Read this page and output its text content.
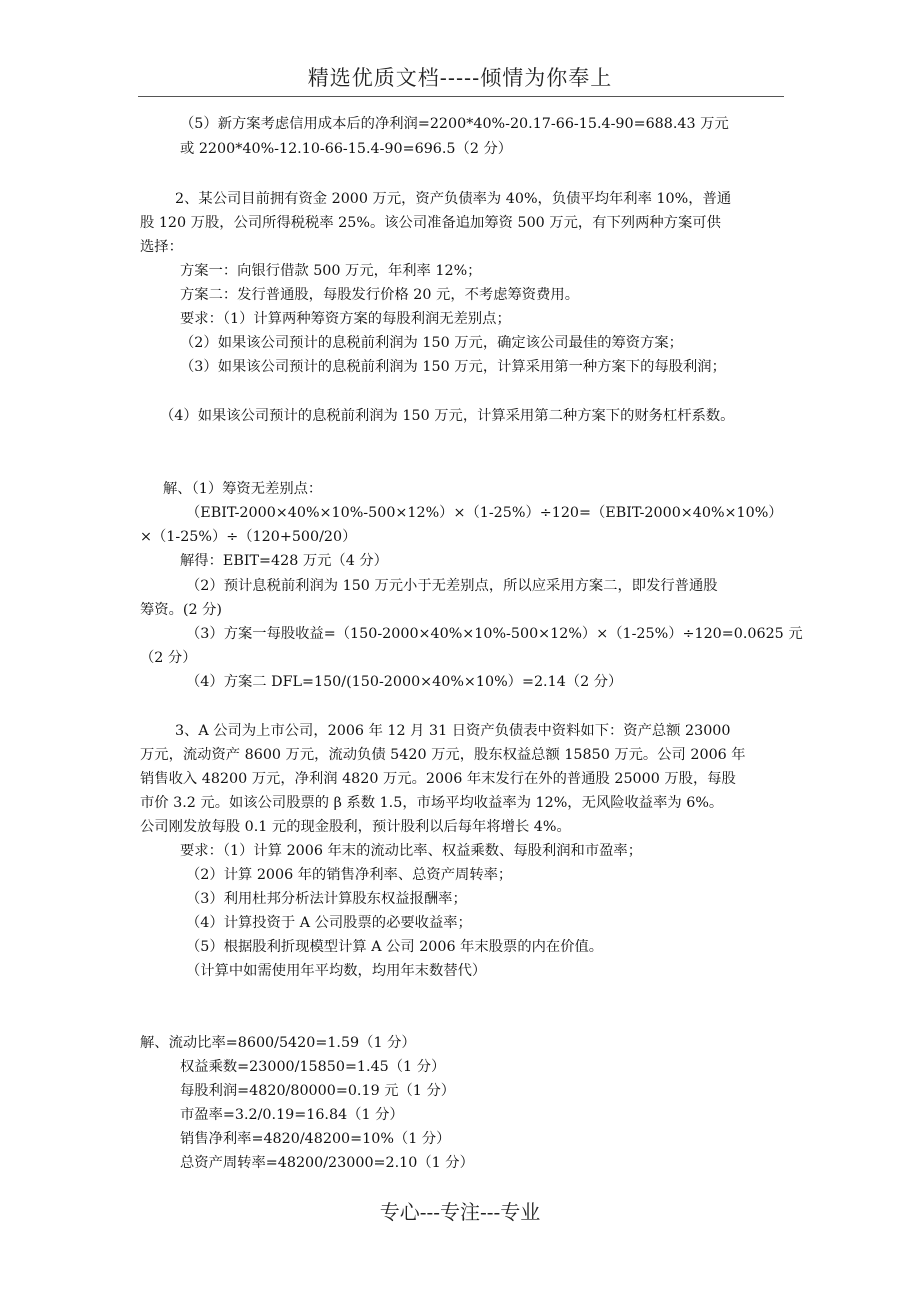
精选优质文档-----倾情为你奉上
（5）新方案考虑信用成本后的净利润=2200*40%-20.17-66-15.4-90=688.43 万元
或 2200*40%-12.10-66-15.4-90=696.5（2 分）
2、某公司目前拥有资金 2000 万元，资产负债率为 40%，负债平均年利率 10%，普通
股 120 万股，公司所得税税率 25%。该公司准备追加筹资 500 万元，有下列两种方案可供
选择：
方案一：向银行借款 500 万元，年利率 12%；
方案二：发行普通股，每股发行价格 20 元，不考虑筹资费用。
要求：（1）计算两种筹资方案的每股利润无差别点；
（2）如果该公司预计的息税前利润为 150 万元，确定该公司最佳的筹资方案；
（3）如果该公司预计的息税前利润为 150 万元，计算采用第一种方案下的每股利润；
（4）如果该公司预计的息税前利润为 150 万元，计算采用第二种方案下的财务杠杆系数。
解、（1）筹资无差别点：
（EBIT-2000×40%×10%-500×12%）×（1-25%）÷120=（EBIT-2000×40%×10%）
×（1-25%）÷（120+500/20）
解得：EBIT=428 万元（4 分）
（2）预计息税前利润为 150 万元小于无差别点，所以应采用方案二，即发行普通股
筹资。(2 分)
（3）方案一每股收益=（150-2000×40%×10%-500×12%）×（1-25%）÷120=0.0625 元
（2 分）
（4）方案二 DFL=150/(150-2000×40%×10%）=2.14（2 分）
3、A 公司为上市公司，2006 年 12 月 31 日资产负债表中资料如下：资产总额 23000
万元，流动资产 8600 万元，流动负债 5420 万元，股东权益总额 15850 万元。公司 2006 年
销售收入 48200 万元，净利润 4820 万元。2006 年末发行在外的普通股 25000 万股，每股
市价 3.2 元。如该公司股票的 β 系数 1.5，市场平均收益率为 12%，无风险收益率为 6%。
公司刚发放每股 0.1 元的现金股利，预计股利以后每年将增长 4%。
要求：（1）计算 2006 年末的流动比率、权益乘数、每股利润和市盈率；
（2）计算 2006 年的销售净利率、总资产周转率；
（3）利用杜邦分析法计算股东权益报酬率；
（4）计算投资于 A 公司股票的必要收益率；
（5）根据股利折现模型计算 A 公司 2006 年末股票的内在价值。
（计算中如需使用年平均数，均用年末数替代）
解、流动比率=8600/5420=1.59（1 分）
权益乘数=23000/15850=1.45（1 分）
每股利润=4820/80000=0.19 元（1 分）
市盈率=3.2/0.19=16.84（1 分）
销售净利率=4820/48200=10%（1 分）
总资产周转率=48200/23000=2.10（1 分）
专心---专注---专业
